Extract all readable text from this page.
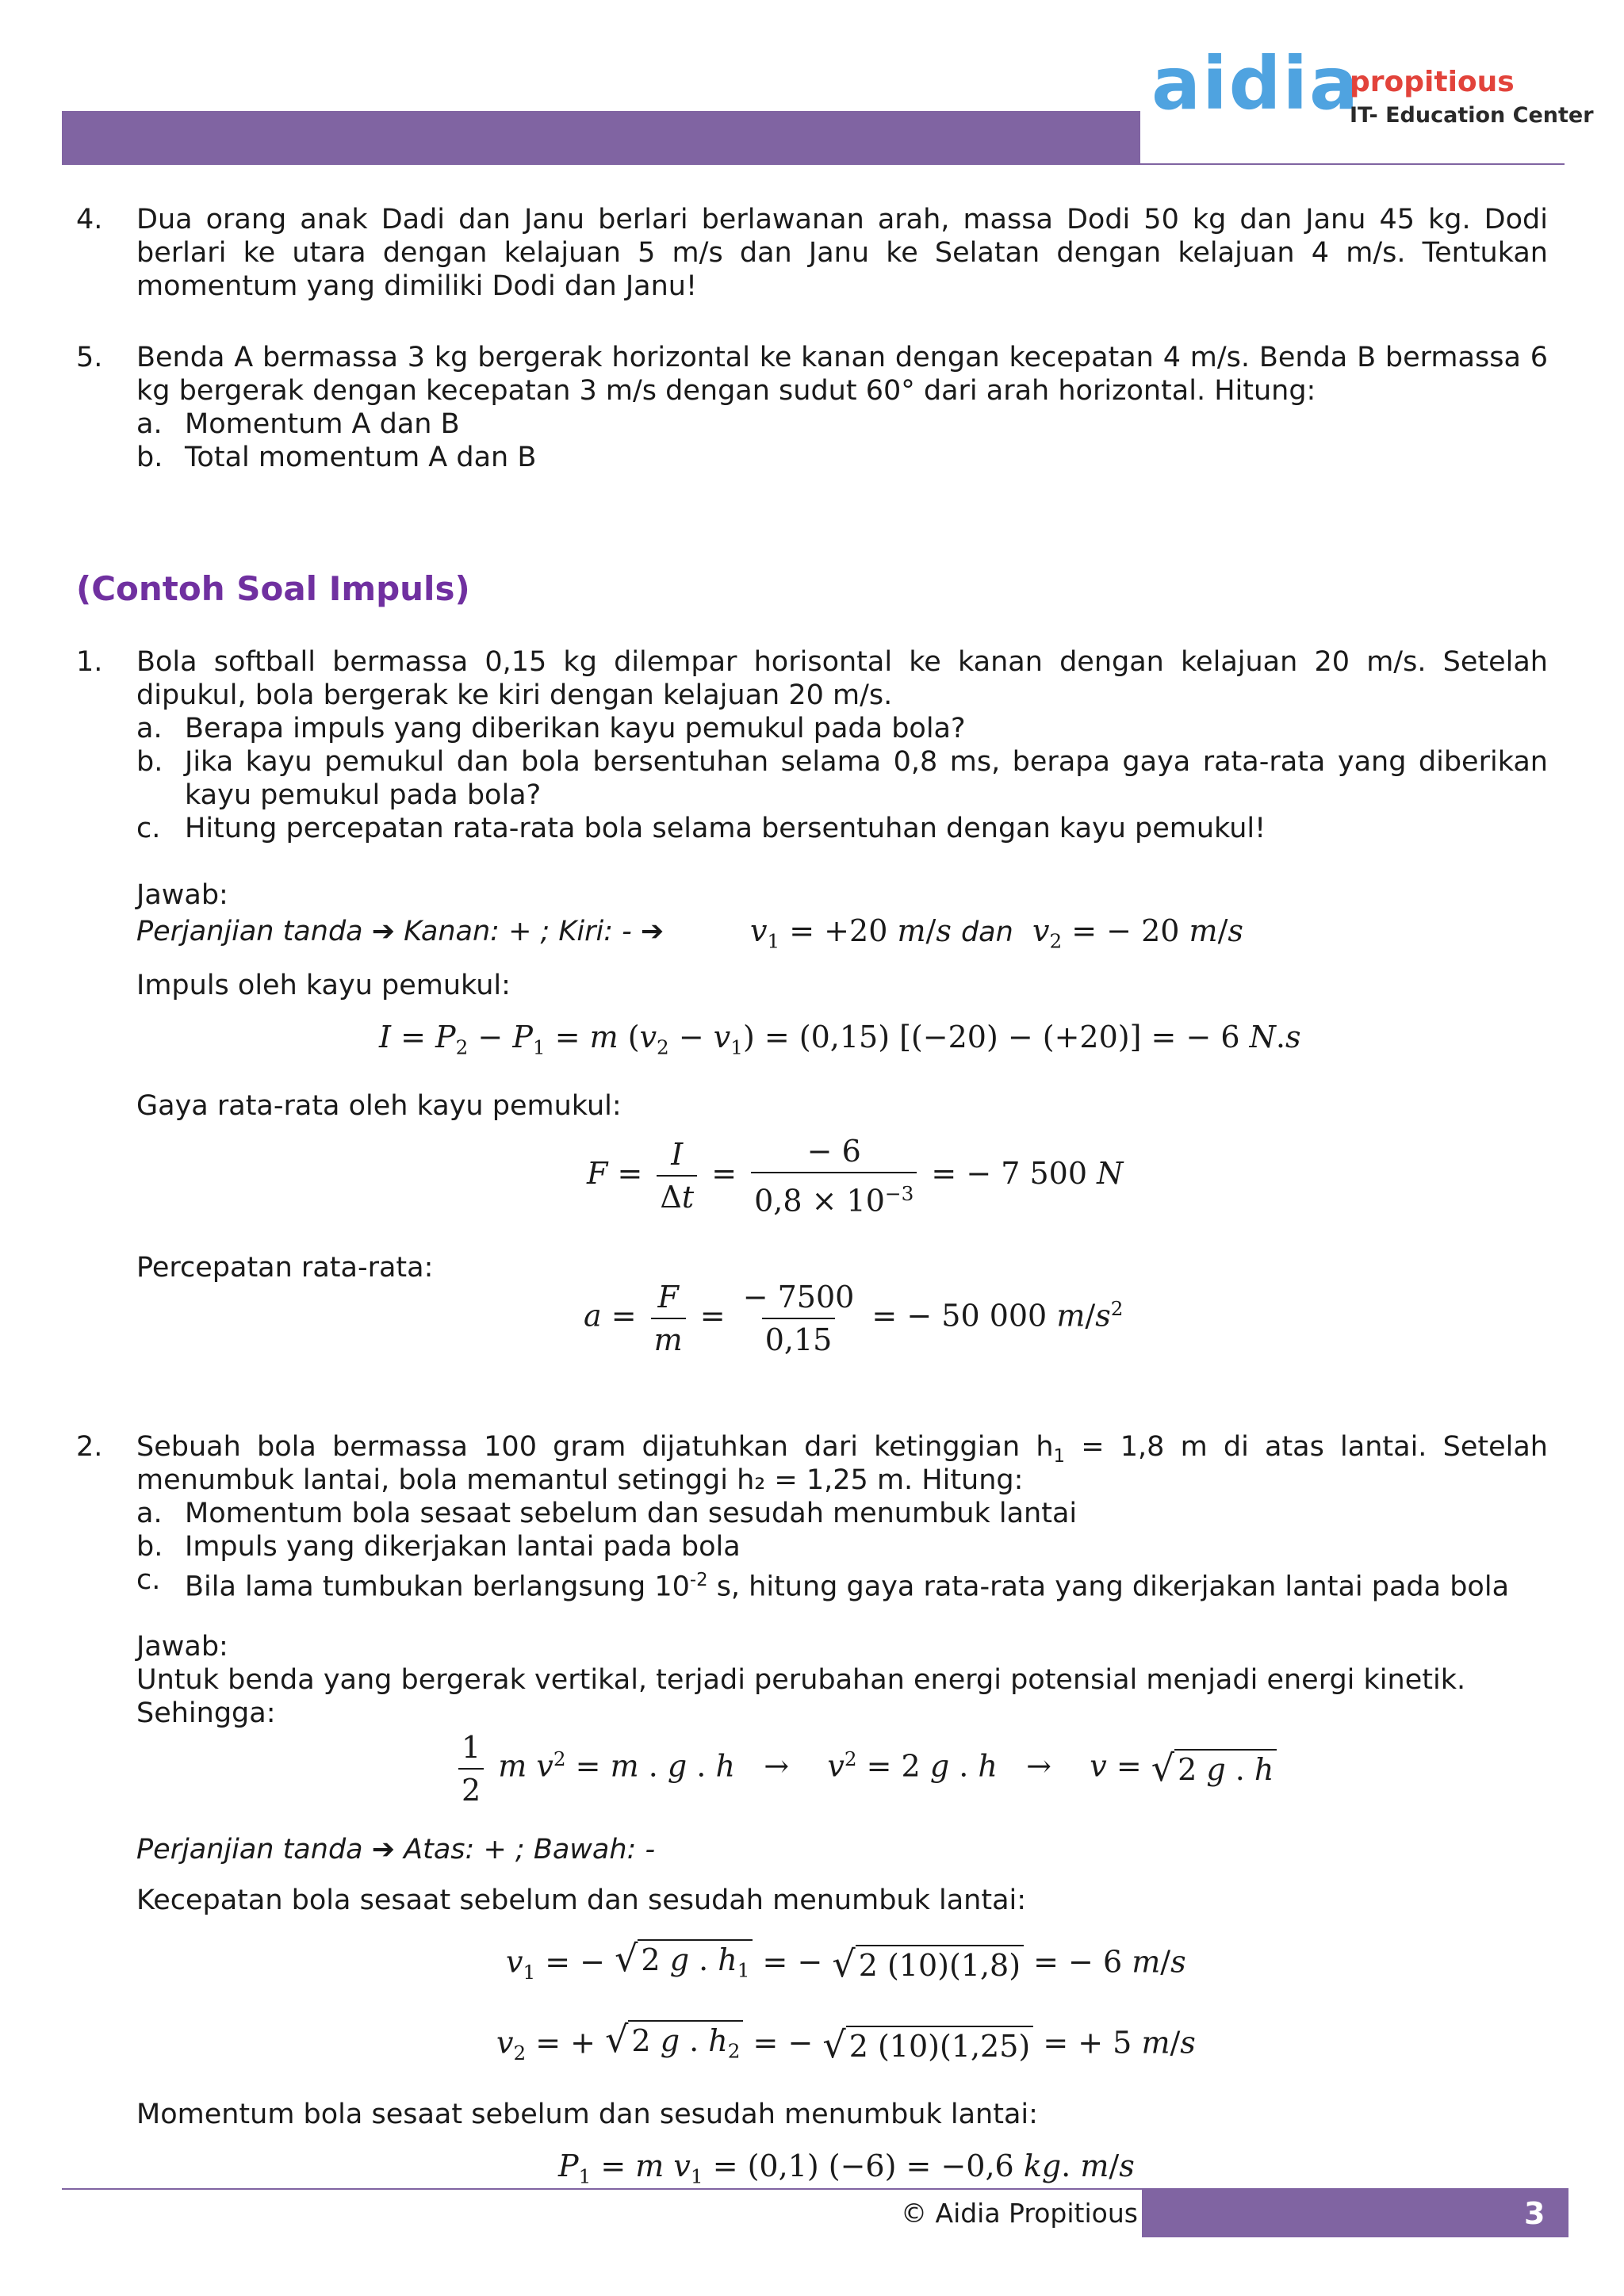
aidia
propitious
IT- Education Center
4. Dua orang anak Dadi dan Janu berlari berlawanan arah, massa Dodi 50 kg dan Janu 45 kg. Dodi
berlari ke utara dengan kelajuan 5 m/s dan Janu ke Selatan dengan kelajuan 4 m/s. Tentukan
momentum yang dimiliki Dodi dan Janu!
5. Benda A bermassa 3 kg bergerak horizontal ke kanan dengan kecepatan 4 m/s. Benda B bermassa 6
kg bergerak dengan kecepatan 3 m/s dengan sudut 60° dari arah horizontal. Hitung:
a. Momentum A dan B
b. Total momentum A dan B
(Contoh Soal Impuls)
1. Bola softball bermassa 0,15 kg dilempar horisontal ke kanan dengan kelajuan 20 m/s. Setelah
dipukul, bola bergerak ke kiri dengan kelajuan 20 m/s.
a. Berapa impuls yang diberikan kayu pemukul pada bola?
b. Jika kayu pemukul dan bola bersentuhan selama 0,8 ms, berapa gaya rata-rata yang diberikan
kayu pemukul pada bola?
c. Hitung percepatan rata-rata bola selama bersentuhan dengan kayu pemukul!
Jawab:
Perjanjian tanda ➔ Kanan: + ; Kiri: - ➔	$v_1 = +20$ m/s dan $v_2$ = − 20 m/s
Impuls oleh kayu pemukul:
$I = P_2 - P_1 = m$ $(v_2 - v_1) = (0,15) [(-20) - (+20)]$ = − 6 N.s
Gaya rata-rata oleh kayu pemukul:
$F = \frac{I}{\Delta t} = \frac{- 6}{0,8 \times 10^{-3}}$ = − 7 500 N
Percepatan rata-rata:
$a = \frac{F}{m} = \frac{- 7500}{0,15}$ = − 50 000 $m/s^2$
2. Sebuah bola bermassa 100 gram dijatuhkan dari ketinggian $h_1 = 1,8$ m di atas lantai. Setelah
menumbuk lantai, bola memantul setinggi h₂ = 1,25 m. Hitung:
a. Momentum bola sesaat sebelum dan sesudah menumbuk lantai
b. Impuls yang dikerjakan lantai pada bola
c. Bila lama tumbukan berlangsung $10^{-2}$ s, hitung gaya rata-rata yang dikerjakan lantai pada bola
Jawab:
Untuk benda yang bergerak vertikal, terjadi perubahan energi potensial menjadi energi kinetik.
Sehingga:
$\frac{1}{2}$ m $v^2 = m$ . g . h   →    $v^2 = 2$ g . h   →    v = √ 2 g . h
Perjanjian tanda ➔ Atas: + ; Bawah: -
Kecepatan bola sesaat sebelum dan sesudah menumbuk lantai:
$v_1$ = − √ 2 g . $h_1$ = − √ 2 (10)(1,8) = − 6 m/s
$v_2$ = + √ 2 g . $h_2$ = − √ 2 (10)(1,25) = + 5 m/s
Momentum bola sesaat sebelum dan sesudah menumbuk lantai:
$P_1 = m$ $v_1 = (0,1) (-6) = -0,6$ kg. m/s
© Aidia Propitious	3
